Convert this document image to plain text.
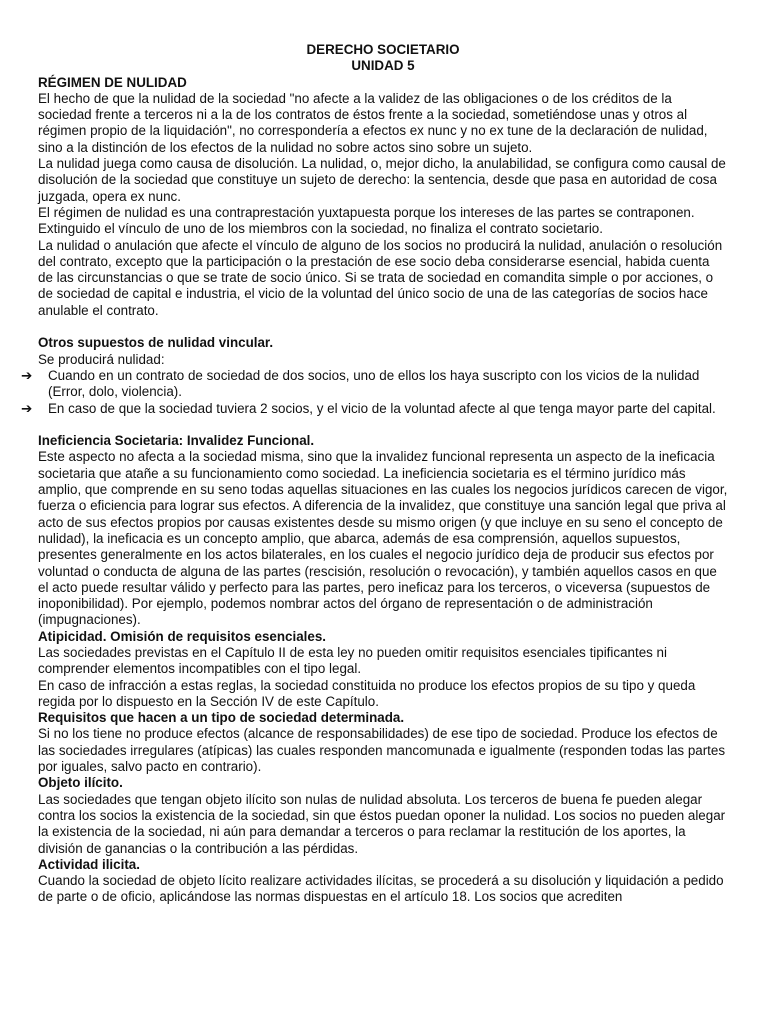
DERECHO SOCIETARIO

UNIDAD 5

RÉGIMEN DE NULIDAD

El hecho de que la nulidad de la sociedad "no afecte a la validez de las obligaciones o de los créditos de la sociedad frente a terceros ni a la de los contratos de éstos frente a la sociedad, sometiéndose unas y otros al régimen propio de la liquidación", no correspondería a efectos ex nunc y no ex tune de la declaración de nulidad, sino a la distinción de los efectos de la nulidad no sobre actos sino sobre un sujeto.

La nulidad juega como causa de disolución. La nulidad, o, mejor dicho, la anulabilidad, se configura como causal de disolución de la sociedad que constituye un sujeto de derecho: la sentencia, desde que pasa en autoridad de cosa juzgada, opera ex nunc.

El régimen de nulidad es una contraprestación yuxtapuesta porque los intereses de las partes se contraponen. Extinguido el vínculo de uno de los miembros con la sociedad, no finaliza el contrato societario.

La nulidad o anulación que afecte el vínculo de alguno de los socios no producirá la nulidad, anulación o resolución del contrato, excepto que la participación o la prestación de ese socio deba considerarse esencial, habida cuenta de las circunstancias o que se trate de socio único. Si se trata de sociedad en comandita simple o por acciones, o de sociedad de capital e industria, el vicio de la voluntad del único socio de una de las categorías de socios hace anulable el contrato.

Otros supuestos de nulidad vincular.

Se producirá nulidad:

➔	Cuando en un contrato de sociedad de dos socios, uno de ellos los haya suscripto con los vicios de la nulidad (Error, dolo, violencia).
➔	En caso de que la sociedad tuviera 2 socios, y el vicio de la voluntad afecte al que tenga mayor parte del capital.

Ineficiencia Societaria: Invalidez Funcional.

Este aspecto no afecta a la sociedad misma, sino que la invalidez funcional representa un aspecto de la ineficacia societaria que atañe a su funcionamiento como sociedad. La ineficiencia societaria es el término jurídico más amplio, que comprende en su seno todas aquellas situaciones en las cuales los negocios jurídicos carecen de vigor, fuerza o eficiencia para lograr sus efectos. A diferencia de la invalidez, que constituye una sanción legal que priva al acto de sus efectos propios por causas existentes desde su mismo origen (y que incluye en su seno el concepto de nulidad), la ineficacia es un concepto amplio, que abarca, además de esa comprensión, aquellos supuestos, presentes generalmente en los actos bilaterales, en los cuales el negocio jurídico deja de producir sus efectos por voluntad o conducta de alguna de las partes (rescisión, resolución o revocación), y también aquellos casos en que el acto puede resultar válido y perfecto para las partes, pero ineficaz para los terceros, o viceversa (supuestos de inoponibilidad). Por ejemplo, podemos nombrar actos del órgano de representación o de administración (impugnaciones).

Atipicidad. Omisión de requisitos esenciales.

Las sociedades previstas en el Capítulo II de esta ley no pueden omitir requisitos esenciales tipificantes ni comprender elementos incompatibles con el tipo legal.

En caso de infracción a estas reglas, la sociedad constituida no produce los efectos propios de su tipo y queda regida por lo dispuesto en la Sección IV de este Capítulo.

Requisitos que hacen a un tipo de sociedad determinada.

Si no los tiene no produce efectos (alcance de responsabilidades) de ese tipo de sociedad. Produce los efectos de las sociedades irregulares (atípicas) las cuales responden mancomunada e igualmente (responden todas las partes por iguales, salvo pacto en contrario).

Objeto ilícito.

Las sociedades que tengan objeto ilícito son nulas de nulidad absoluta. Los terceros de buena fe pueden alegar contra los socios la existencia de la sociedad, sin que éstos puedan oponer la nulidad. Los socios no pueden alegar la existencia de la sociedad, ni aún para demandar a terceros o para reclamar la restitución de los aportes, la división de ganancias o la contribución a las pérdidas.

Actividad ilicita.

Cuando la sociedad de objeto lícito realizare actividades ilícitas, se procederá a su disolución y liquidación a pedido de parte o de oficio, aplicándose las normas dispuestas en el artículo 18. Los socios que acrediten
